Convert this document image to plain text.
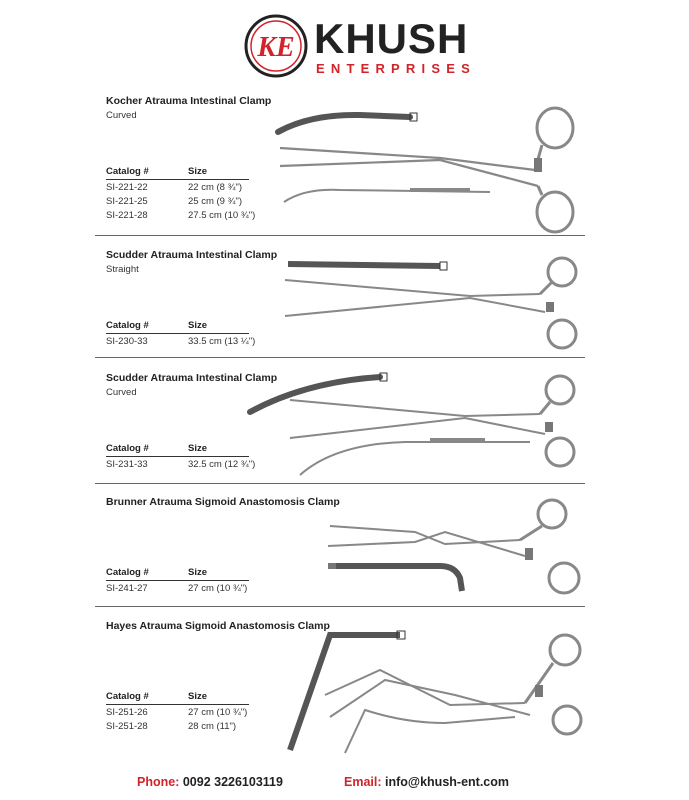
KE KHUSH
ENTERPRISES
Kocher Atrauma Intestinal Clamp
Curved
Catalog #	Size
SI-221-22	22 cm (8 ¾")
SI-221-25	25 cm (9 ¾")
SI-221-28	27.5 cm (10 ¾")
Scudder Atrauma Intestinal Clamp
Straight
Catalog #	Size
SI-230-33	33.5 cm (13 ¼")
Scudder Atrauma Intestinal Clamp
Curved
Catalog #	Size
SI-231-33	32.5 cm (12 ¾")
Brunner Atrauma Sigmoid Anastomosis Clamp
Catalog #	Size
SI-241-27	27 cm (10 ¾")
Hayes Atrauma Sigmoid Anastomosis Clamp
Catalog #	Size
SI-251-26	27 cm (10 ¾")
SI-251-28	28 cm (11")
Phone: 0092 3226103119	Email: info@khush-ent.com
